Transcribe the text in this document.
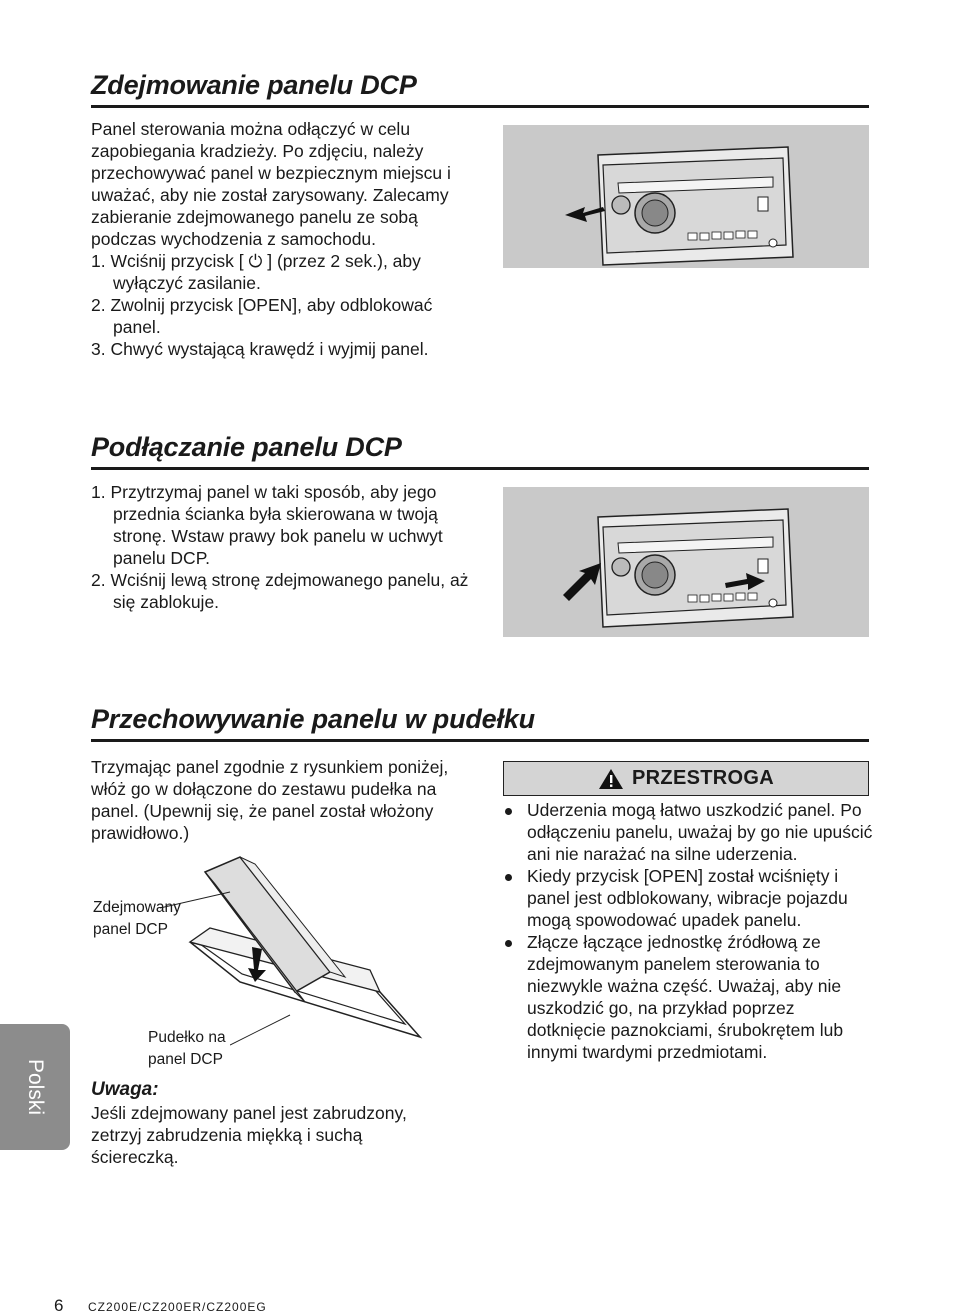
Zdejmowanie panelu DCP

Panel sterowania można odłączyć w celu zapobiegania kradzieży. Po zdjęciu, należy przechowywać panel w bezpiecznym miejscu i uważać, aby nie został zarysowany. Zalecamy zabieranie zdejmowanego panelu ze sobą podczas wychodzenia z samochodu.

1. Wciśnij przycisk [ ⏻ ] (przez 2 sek.), aby wyłączyć zasilanie.
2. Zwolnij przycisk [OPEN], aby odblokować panel.
3. Chwyć wystającą krawędź i wyjmij panel.
Podłączanie panelu DCP
1. Przytrzymaj panel w taki sposób, aby jego przednia ścianka była skierowana w twoją stronę. Wstaw prawy bok panelu w uchwyt panelu DCP.
2. Wciśnij lewą stronę zdejmowanego panelu, aż się zablokuje.
Przechowywanie panelu w pudełku

Trzymając panel zgodnie z rysunkiem poniżej, włóż go w dołączone do zestawu pudełka na panel. (Upewnij się, że panel został włożony prawidłowo.)

Zdejmowany
panel DCP
Pudełko na
panel DCP
Uwaga:

Jeśli zdejmowany panel jest zabrudzony, zetrzyj zabrudzenia miękką i suchą ściereczką.

PRZESTROGA
Uderzenia mogą łatwo uszkodzić panel. Po odłączeniu panelu, uważaj by go nie upuścić ani nie narażać na silne uderzenia.
Kiedy przycisk [OPEN] został wciśnięty i panel jest odblokowany, wibracje pojazdu mogą spowodować upadek panelu.
Złącze łączące jednostkę źródłową ze zdejmowanym panelem sterowania to niezwykle ważna część. Uważaj, aby nie uszkodzić go, na przykład poprzez dotknięcie paznokciami, śrubokrętem lub innymi twardymi przedmiotami.
Polski
6 CZ200E/CZ200ER/CZ200EG
